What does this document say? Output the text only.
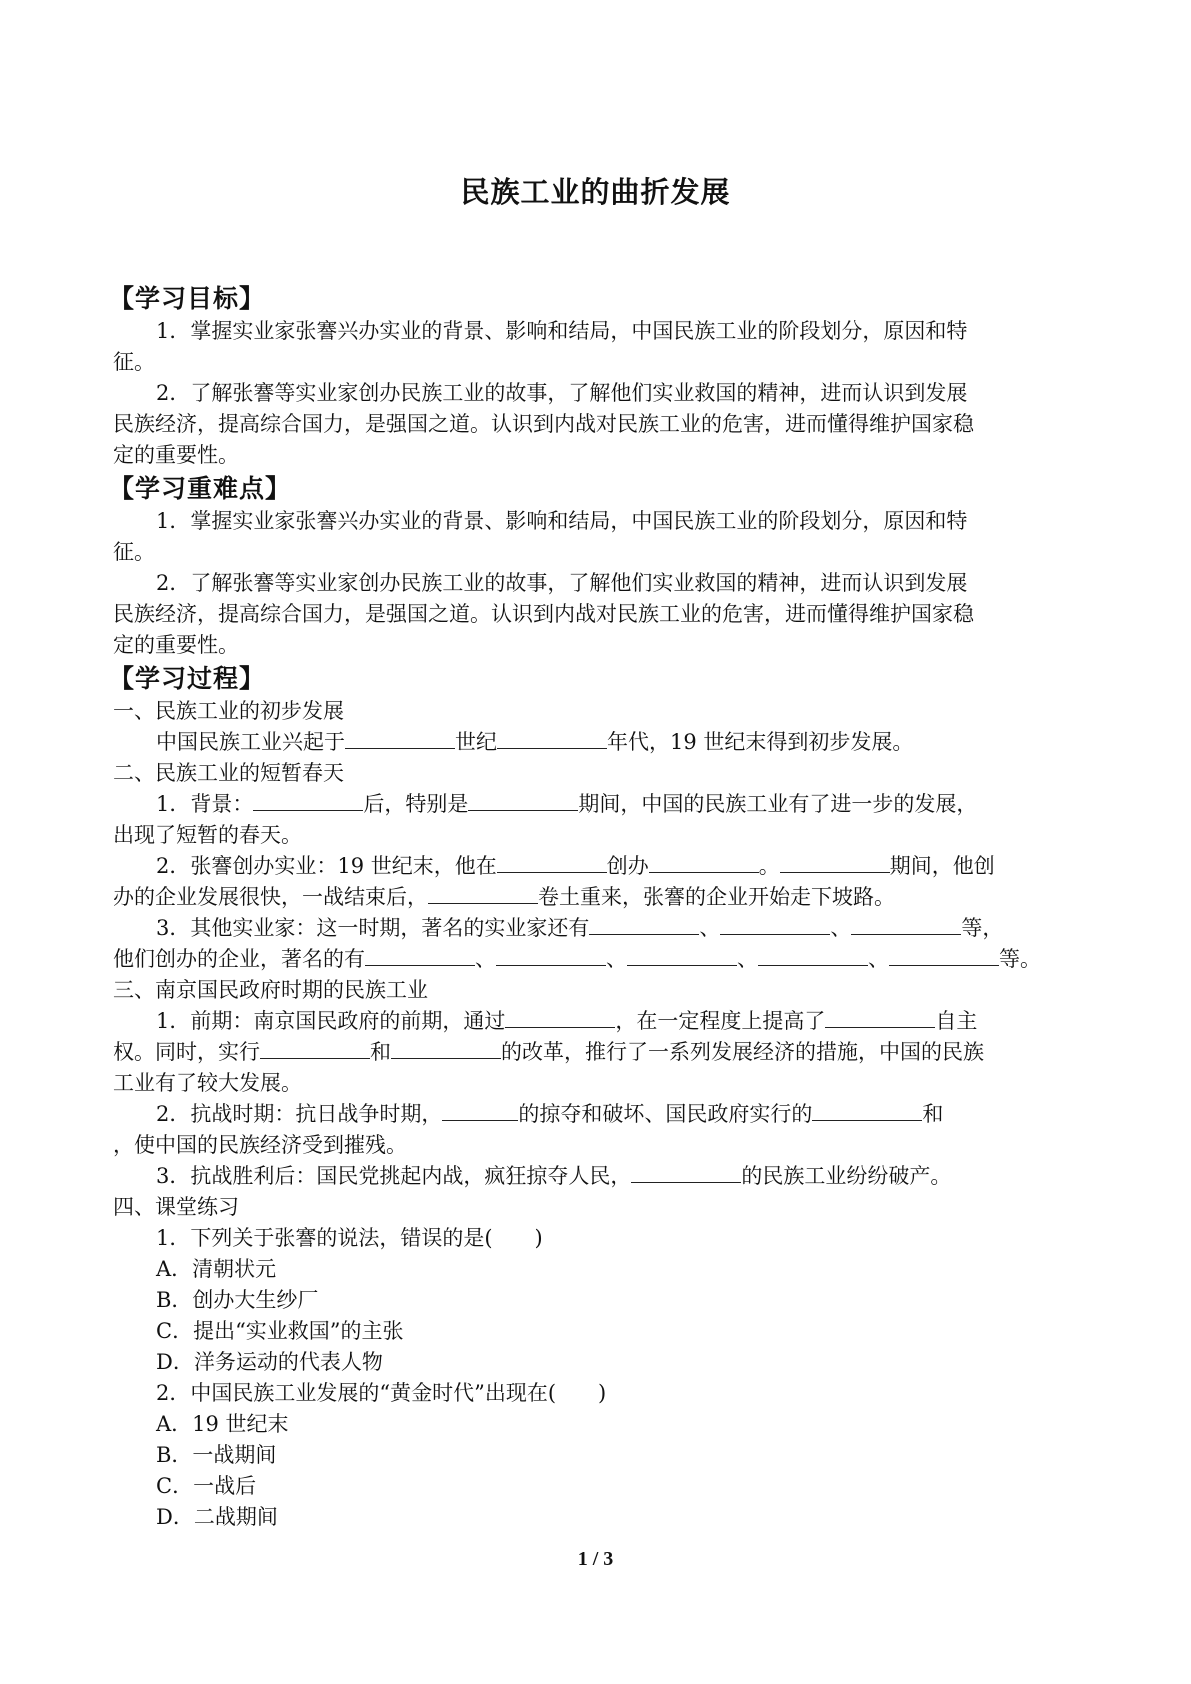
民族工业的曲折发展
【学习目标】
1．掌握实业家张謇兴办实业的背景、影响和结局，中国民族工业的阶段划分，原因和特
征。
2．了解张謇等实业家创办民族工业的故事，了解他们实业救国的精神，进而认识到发展
民族经济，提高综合国力，是强国之道。认识到内战对民族工业的危害，进而懂得维护国家稳
定的重要性。
【学习重难点】
1．掌握实业家张謇兴办实业的背景、影响和结局，中国民族工业的阶段划分，原因和特
征。
2．了解张謇等实业家创办民族工业的故事，了解他们实业救国的精神，进而认识到发展
民族经济，提高综合国力，是强国之道。认识到内战对民族工业的危害，进而懂得维护国家稳
定的重要性。
【学习过程】
一、民族工业的初步发展
中国民族工业兴起于	世纪	年代，19 世纪末得到初步发展。
二、民族工业的短暂春天
1．背景：	后，特别是	期间，中国的民族工业有了进一步的发展，
出现了短暂的春天。
2．张謇创办实业：19 世纪末，他在	创办	。	期间，他创
办的企业发展很快，一战结束后，	卷土重来，张謇的企业开始走下坡路。
3．其他实业家：这一时期，著名的实业家还有	、	、	等，
他们创办的企业，著名的有	、	、	、	、	等。
三、南京国民政府时期的民族工业
1．前期：南京国民政府的前期，通过	，在一定程度上提高了	自主
权。同时，实行	和	的改革，推行了一系列发展经济的措施，中国的民族
工业有了较大发展。
2．抗战时期：抗日战争时期，	的掠夺和破坏、国民政府实行的	和
，使中国的民族经济受到摧残。
3．抗战胜利后：国民党挑起内战，疯狂掠夺人民，	的民族工业纷纷破产。
四、课堂练习
1．下列关于张謇的说法，错误的是(　　)
A．清朝状元
B．创办大生纱厂
C．提出“实业救国”的主张
D．洋务运动的代表人物
2．中国民族工业发展的“黄金时代”出现在(　　)
A．19 世纪末
B．一战期间
C．一战后
D．二战期间
1 / 3
